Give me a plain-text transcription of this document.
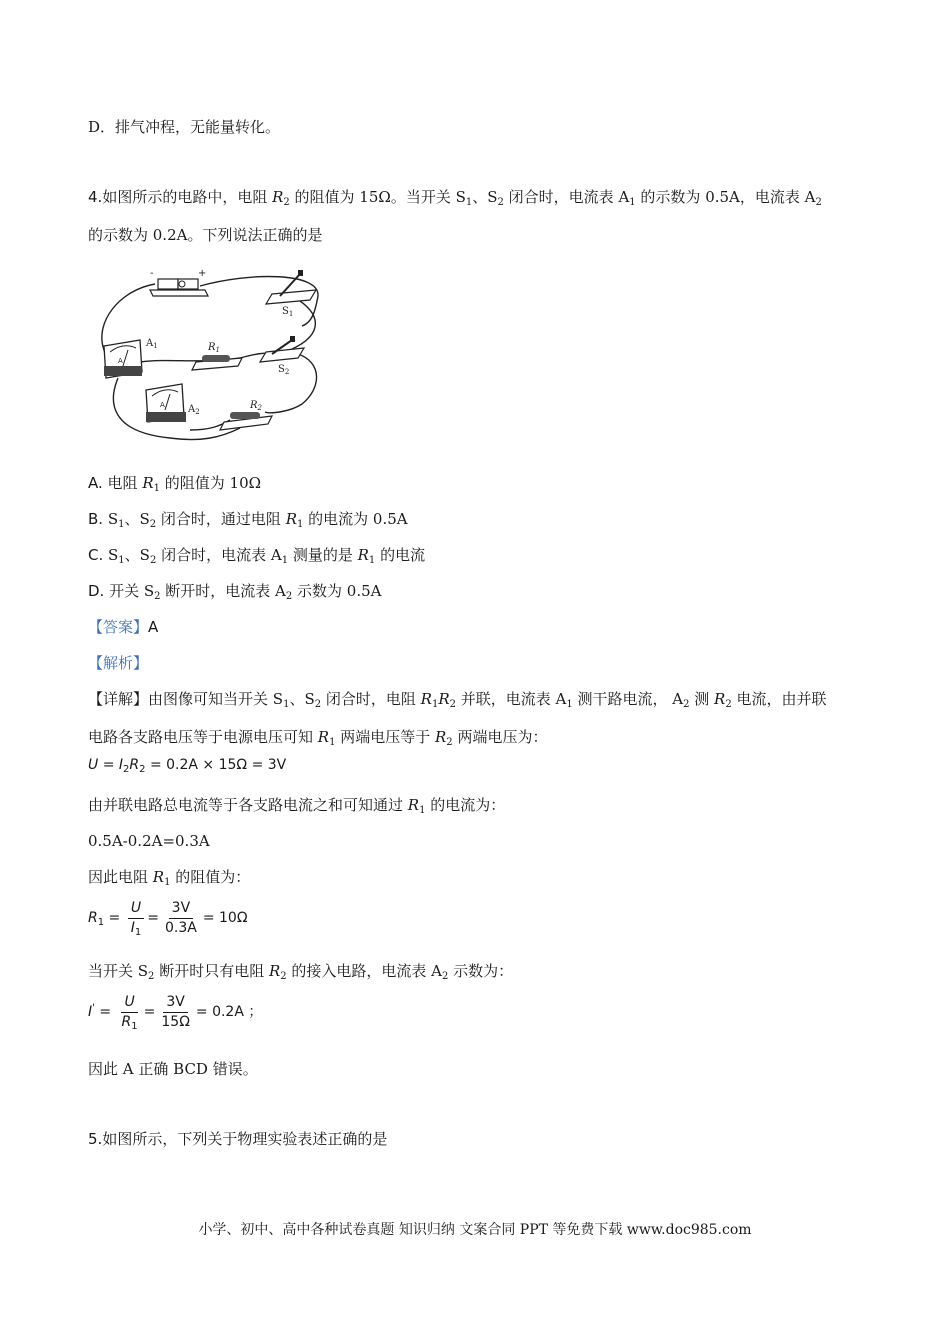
D．排气冲程，无能量转化。
4.如图所示的电路中，电阻 $R_2$ 的阻值为 15Ω。当开关 $S_1$、$S_2$ 闭合时，电流表 $A_1$ 的示数为 0.5A，电流表 $A_2$
的示数为 0.2A。下列说法正确的是
-	+
$S_1$
A
$A_1$	$R_1$
$S_2$
A $A_2$
$R_2$
A. 电阻 $R_1$ 的阻值为 10Ω
B. $S_1$、$S_2$ 闭合时，通过电阻 $R_1$ 的电流为 0.5A
C. $S_1$、$S_2$ 闭合时，电流表 $A_1$ 测量的是 $R_1$ 的电流
D. 开关 $S_2$ 断开时，电流表 $A_2$ 示数为 0.5A
【答案】A
【解析】
【详解】由图像可知当开关 $S_1$、$S_2$ 闭合时，电阻 $R_1R_2$ 并联，电流表 $A_1$ 测干路电流， $A_2$ 测 $R_2$ 电流，由并联
电路各支路电压等于电源电压可知 $R_1$ 两端电压等于 $R_2$ 两端电压为：
$U = I_2R_2 = 0.2A \times 15\Omega = 3V$
由并联电路总电流等于各支路电流之和可知通过 $R_1$ 的电流为：
0.5A-0.2A=0.3A
因此电阻 $R_1$ 的阻值为：
$R_1 = \frac{U}{I_1} = \frac{3V}{0.3A} = 10\Omega$
当开关 $S_2$ 断开时只有电阻 $R_2$ 的接入电路，电流表 $A_2$ 示数为：
$I' = \frac{U}{R_1} = \frac{3V}{15\Omega} = 0.2A$ ；
因此 A 正确 BCD 错误。
5.如图所示，下列关于物理实验表述正确的是
小学、初中、高中各种试卷真题 知识归纳 文案合同 PPT 等免费下载 www.doc985.com
